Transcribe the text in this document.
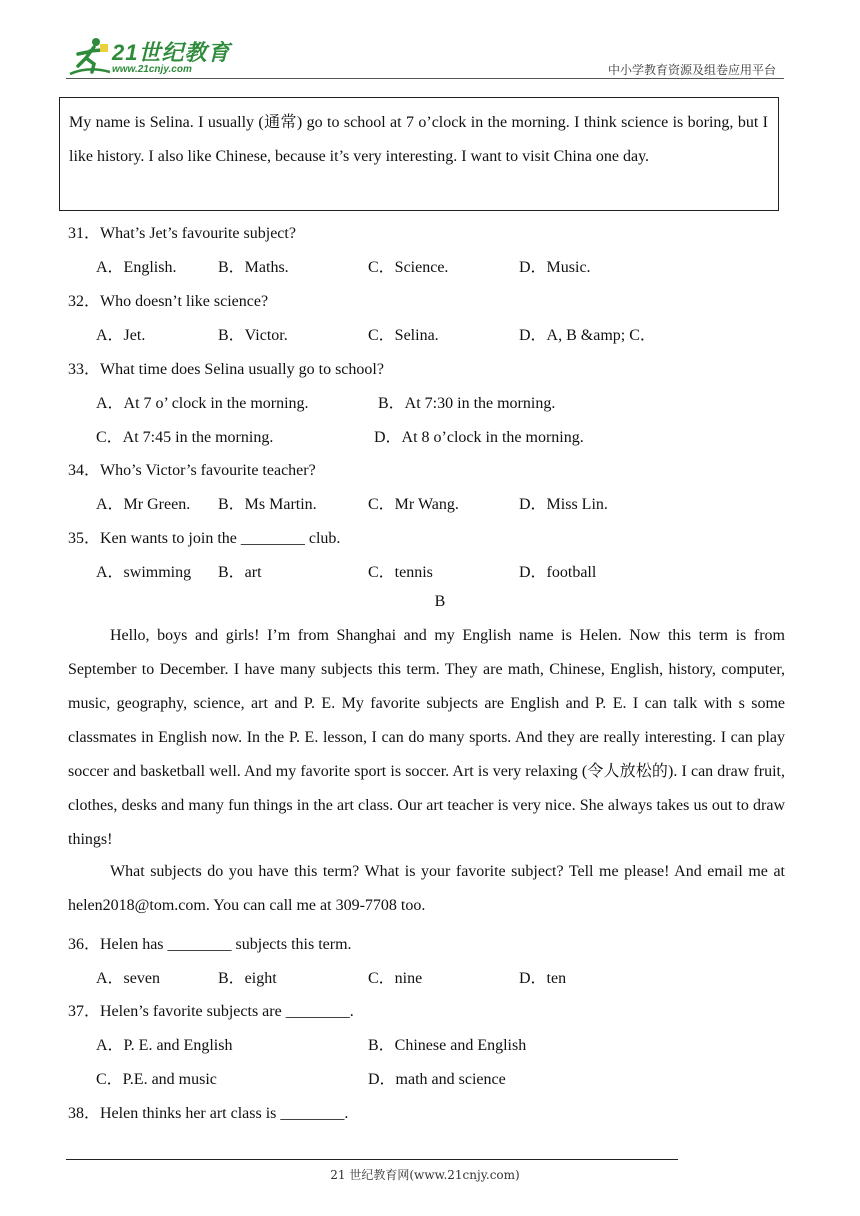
21世纪教育
www.21cnjy.com	中小学教育资源及组卷应用平台
My name is Selina. I usually (通常) go to school at 7 o’clock in the morning. I think science is boring, but I like history. I also like Chinese, because it’s very interesting. I want to visit China one day.
31．What’s Jet’s favourite subject?
A．English.	B．Maths.	C．Science.	D．Music.
32．Who doesn’t like science?
A．Jet.	B．Victor.	C．Selina.	D．A, B &amp; C．
33．What time does Selina usually go to school?
A．At 7 o’ clock in the morning.	B．At 7:30 in the morning.
C．At 7:45 in the morning.	D．At 8 o’clock in the morning.
34．Who’s Victor’s favourite teacher?
A．Mr Green. B．Ms Martin.	C．Mr Wang.	D．Miss Lin.
35．Ken wants to join the ________ club.
A．swimming B．art	C．tennis	D．football
B
Hello, boys and girls! I’m from Shanghai and my English name is Helen. Now this term is from September to December. I have many subjects this term. They are math, Chinese, English, history, computer, music, geography, science, art and P. E. My favorite subjects are English and P. E. I can talk with s some classmates in English now. In the P. E. lesson, I can do many sports. And they are really interesting. I can play soccer and basketball well. And my favorite sport is soccer. Art is very relaxing (令人放松的). I can draw fruit, clothes, desks and many fun things in the art class. Our art teacher is very nice. She always takes us out to draw things!
What subjects do you have this term? What is your favorite subject? Tell me please! And email me at helen2018@tom.com. You can call me at 309-7708 too.
36．Helen has ________ subjects this term.
A．seven	B．eight	C．nine	D．ten
37．Helen’s favorite subjects are ________.
A．P. E. and English	B．Chinese and English
C．P.E. and music	D．math and science
38．Helen thinks her art class is ________.
21 世纪教育网(www.21cnjy.com)
